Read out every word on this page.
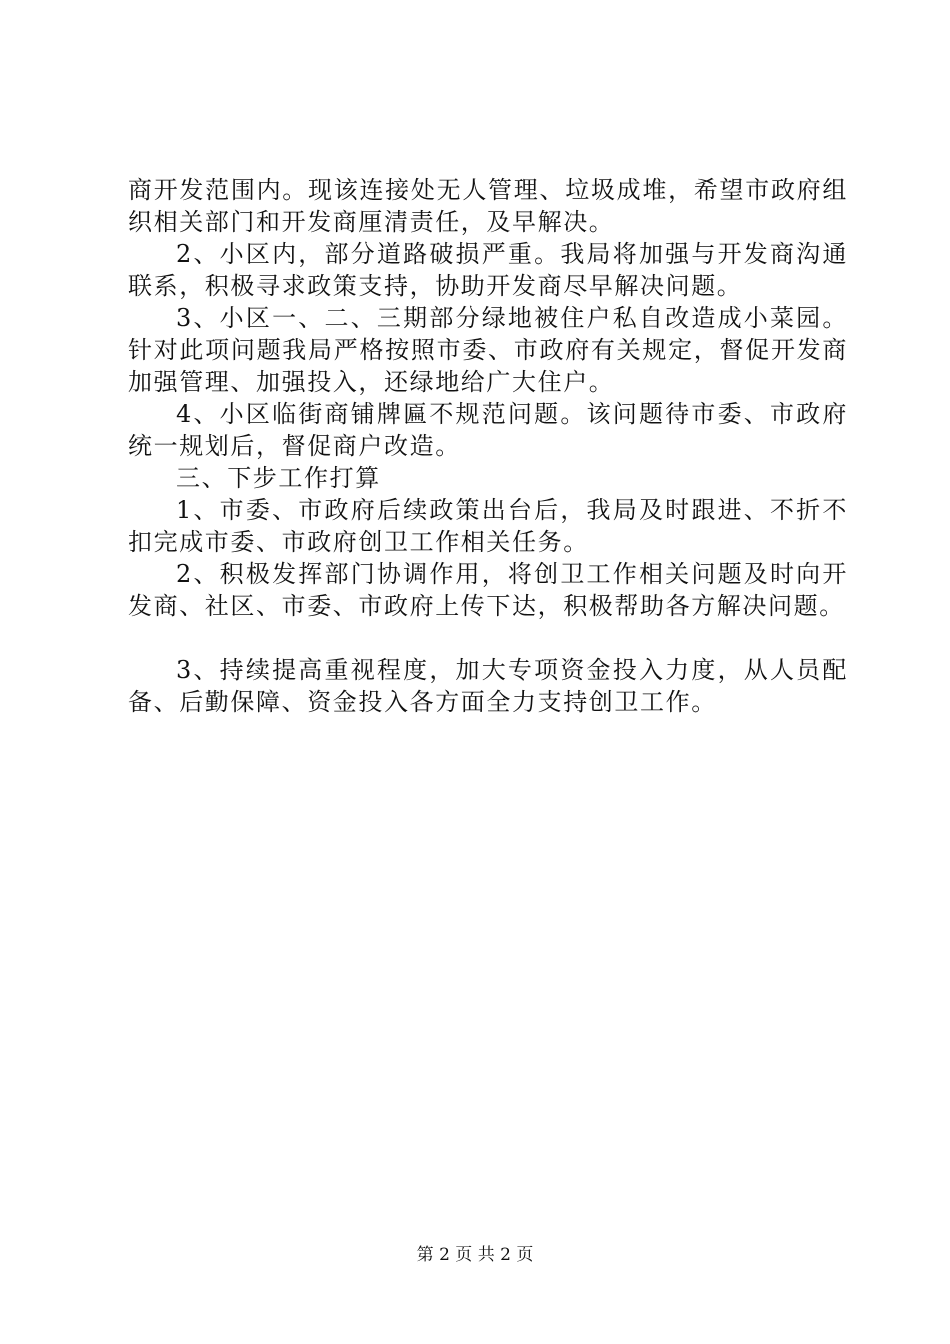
商开发范围内。现该连接处无人管理、垃圾成堆，希望市政府组织相关部门和开发商厘清责任，及早解决。

2、小区内，部分道路破损严重。我局将加强与开发商沟通联系，积极寻求政策支持，协助开发商尽早解决问题。

3、小区一、二、三期部分绿地被住户私自改造成小菜园。针对此项问题我局严格按照市委、市政府有关规定，督促开发商加强管理、加强投入，还绿地给广大住户。

4、小区临街商铺牌匾不规范问题。该问题待市委、市政府统一规划后，督促商户改造。

三、下步工作打算

1、市委、市政府后续政策出台后，我局及时跟进、不折不扣完成市委、市政府创卫工作相关任务。

2、积极发挥部门协调作用，将创卫工作相关问题及时向开发商、社区、市委、市政府上传下达，积极帮助各方解决问题。

3、持续提高重视程度，加大专项资金投入力度，从人员配备、后勤保障、资金投入各方面全力支持创卫工作。

第 2 页 共 2 页
